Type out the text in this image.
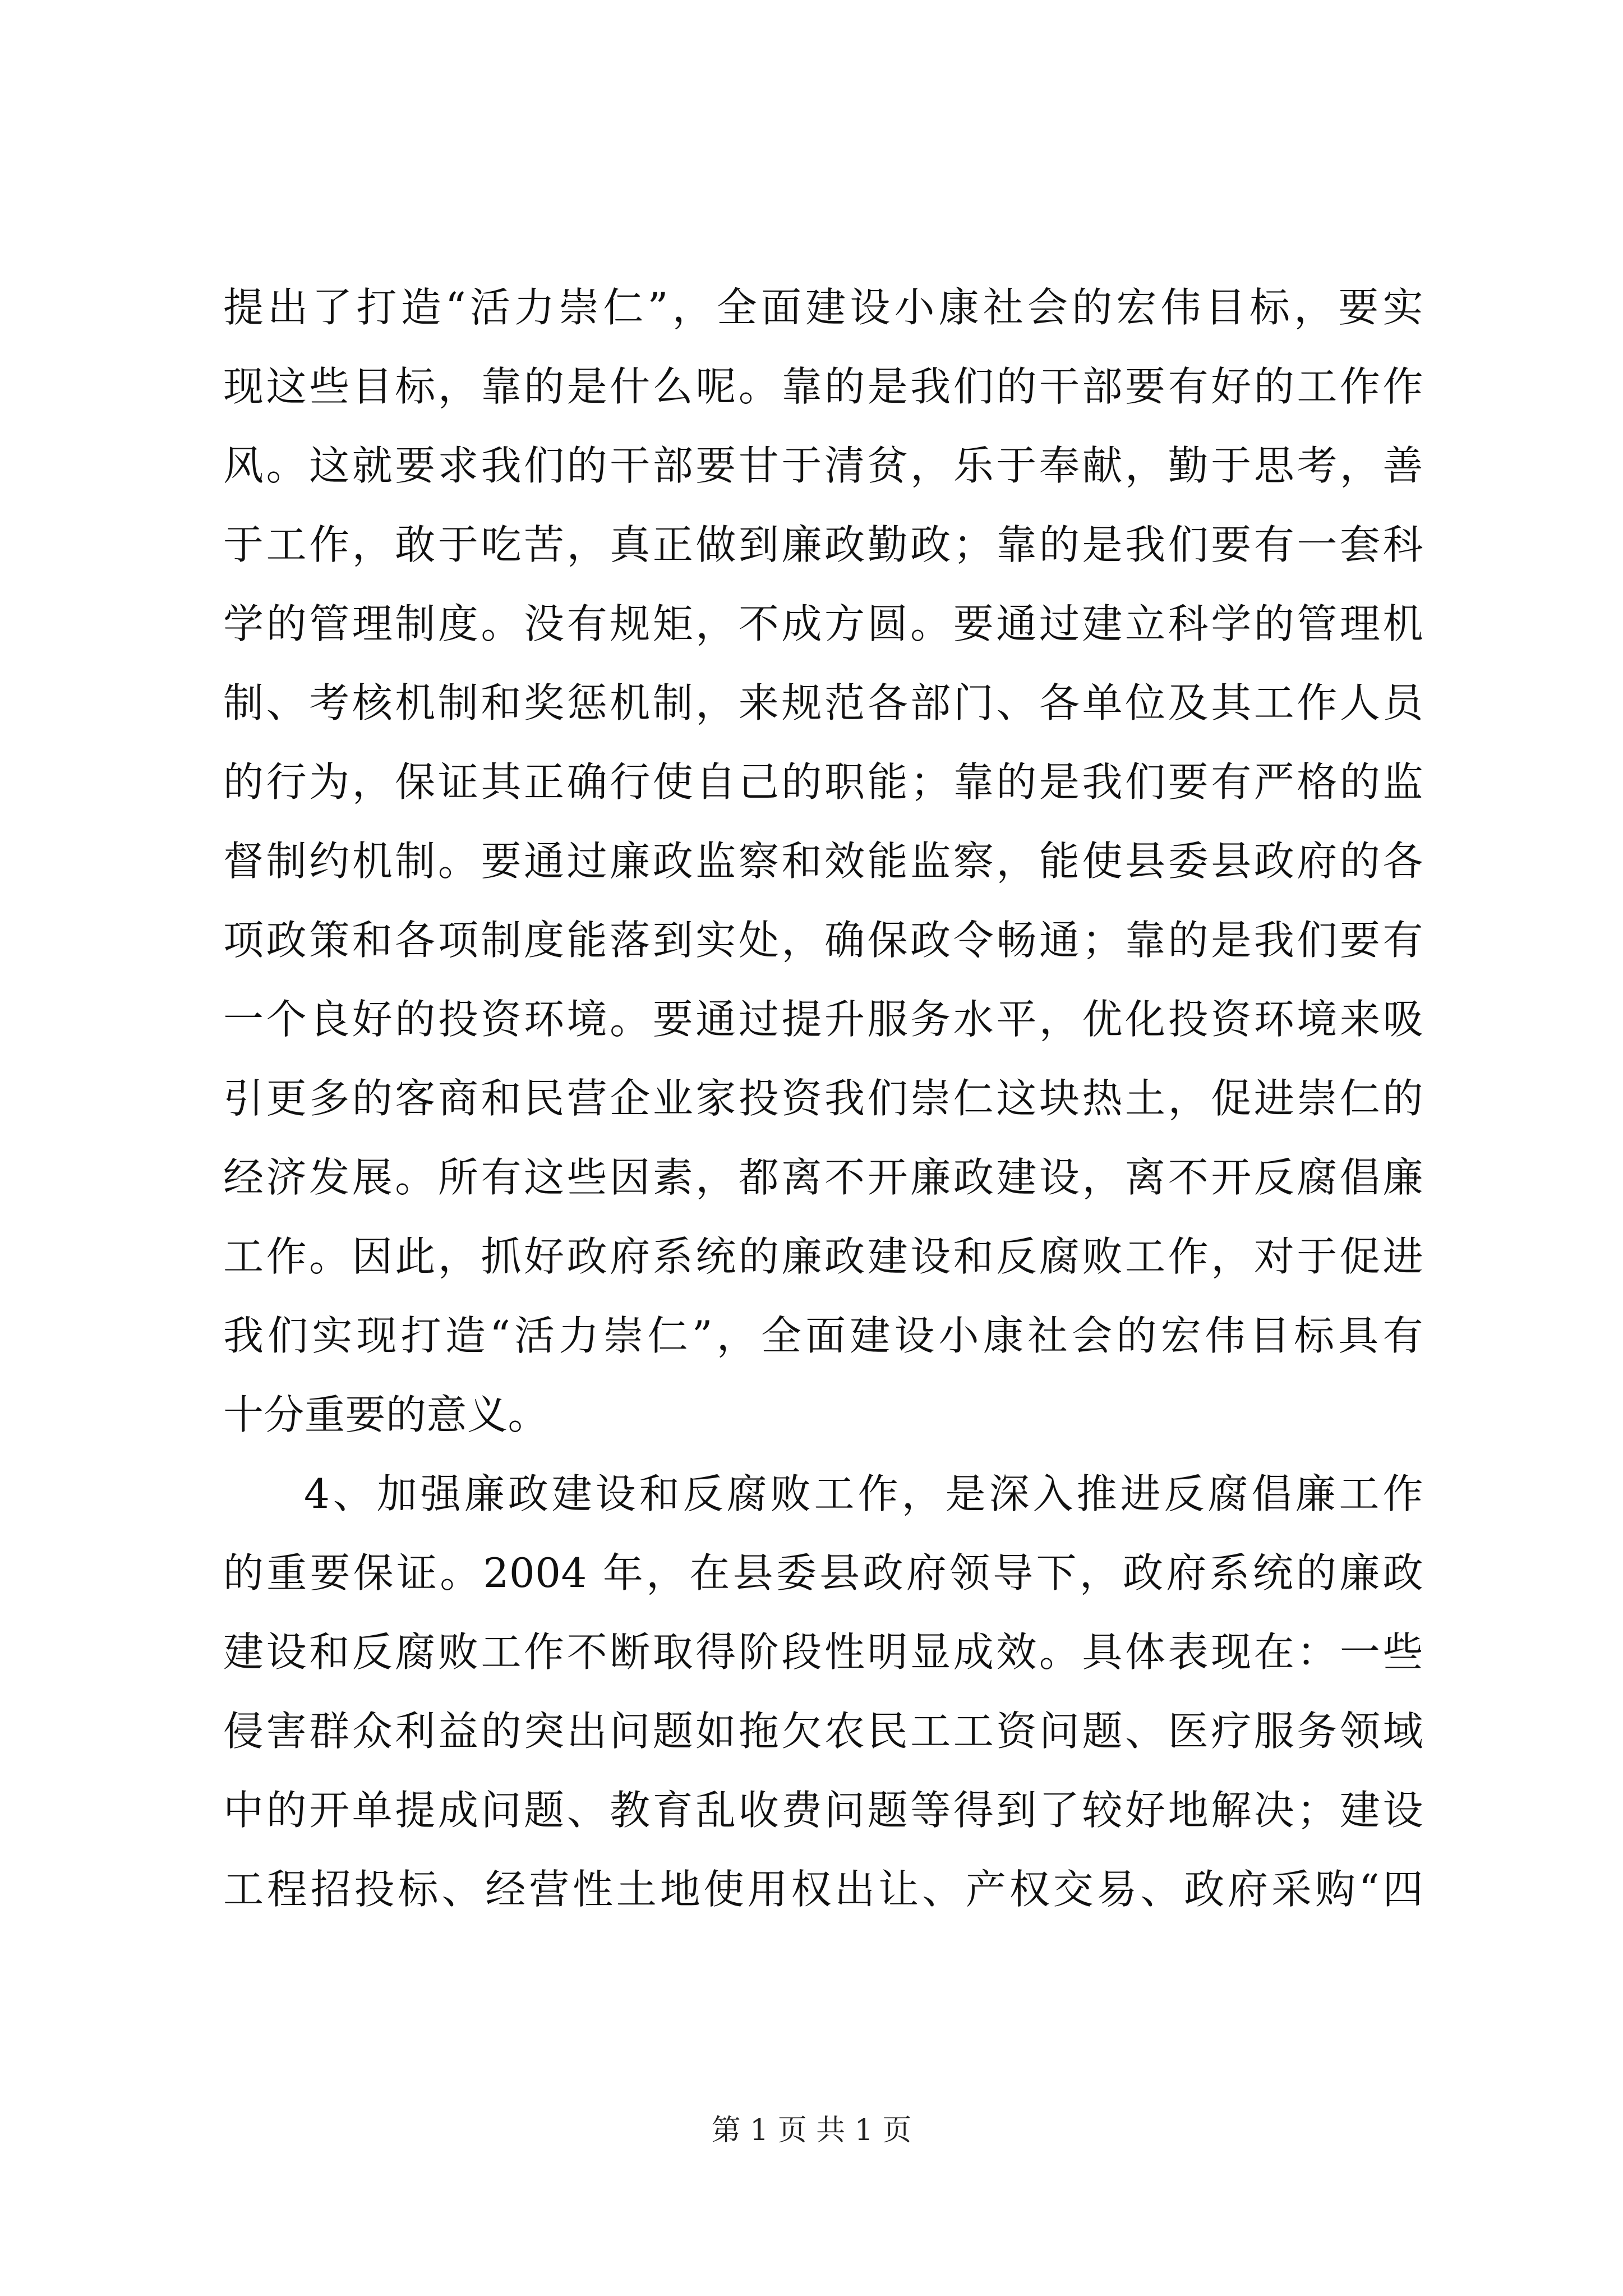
提出了打造“活力崇仁”，全面建设小康社会的宏伟目标，要实
现这些目标，靠的是什么呢。靠的是我们的干部要有好的工作作
风。这就要求我们的干部要甘于清贫，乐于奉献，勤于思考，善
于工作，敢于吃苦，真正做到廉政勤政；靠的是我们要有一套科
学的管理制度。没有规矩，不成方圆。要通过建立科学的管理机
制、考核机制和奖惩机制，来规范各部门、各单位及其工作人员
的行为，保证其正确行使自己的职能；靠的是我们要有严格的监
督制约机制。要通过廉政监察和效能监察，能使县委县政府的各
项政策和各项制度能落到实处，确保政令畅通；靠的是我们要有
一个良好的投资环境。要通过提升服务水平，优化投资环境来吸
引更多的客商和民营企业家投资我们崇仁这块热土，促进崇仁的
经济发展。所有这些因素，都离不开廉政建设，离不开反腐倡廉
工作。因此，抓好政府系统的廉政建设和反腐败工作，对于促进
我们实现打造“活力崇仁”，全面建设小康社会的宏伟目标具有
十分重要的意义。
4、加强廉政建设和反腐败工作，是深入推进反腐倡廉工作
的重要保证。2004 年，在县委县政府领导下，政府系统的廉政
建设和反腐败工作不断取得阶段性明显成效。具体表现在：一些
侵害群众利益的突出问题如拖欠农民工工资问题、医疗服务领域
中的开单提成问题、教育乱收费问题等得到了较好地解决；建设
工程招投标、经营性土地使用权出让、产权交易、政府采购“四
第 1 页 共 1 页
